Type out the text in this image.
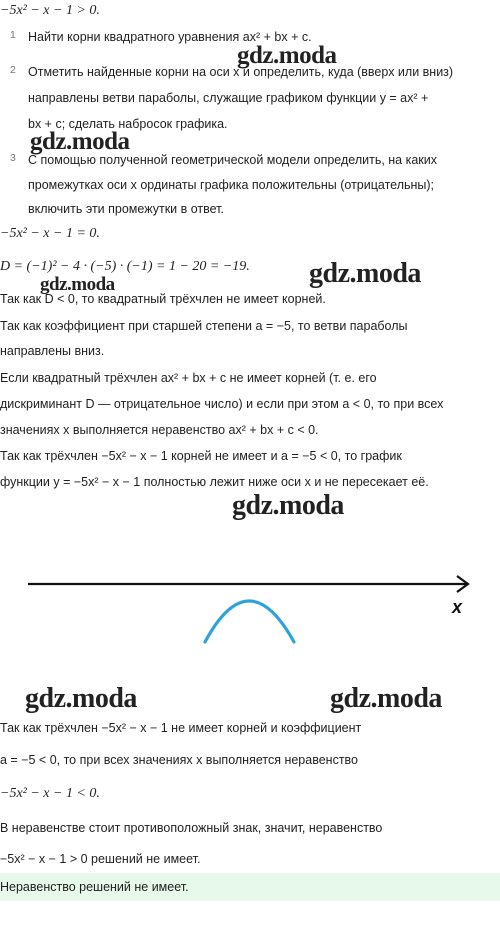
−5x² − x − 1 > 0.
1 Найти корни квадратного уравнения ax² + bx + c.
2 Отметить найденные корни на оси x и определить, куда (вверх или вниз)
направлены ветви параболы, служащие графиком функции y = ax² +
bx + c; сделать набросок графика.
3 С помощью полученной геометрической модели определить, на каких
промежутках оси x ординаты графика положительны (отрицательны);
включить эти промежутки в ответ.
−5x² − x − 1 = 0.
D = (−1)² − 4 · (−5) · (−1) = 1 − 20 = −19.
Так как D < 0, то квадратный трёхчлен не имеет корней.
Так как коэффициент при старшей степени a = −5, то ветви параболы
направлены вниз.
Если квадратный трёхчлен ax² + bx + c не имеет корней (т. е. его
дискриминант D — отрицательное число) и если при этом a < 0, то при всех
значениях x выполняется неравенство ax² + bx + c < 0.
Так как трёхчлен −5x² − x − 1 корней не имеет и a = −5 < 0, то график
функции y = −5x² − x − 1 полностью лежит ниже оси x и не пересекает её.
x
Так как трёхчлен −5x² − x − 1 не имеет корней и коэффициент
a = −5 < 0, то при всех значениях x выполняется неравенство
−5x² − x − 1 < 0.
В неравенстве стоит противоположный знак, значит, неравенство
−5x² − x − 1 > 0 решений не имеет.
Неравенство решений не имеет.
gdz.moda
gdz.moda
gdz.moda	gdz.moda
gdz.moda
gdz.moda	gdz.moda
